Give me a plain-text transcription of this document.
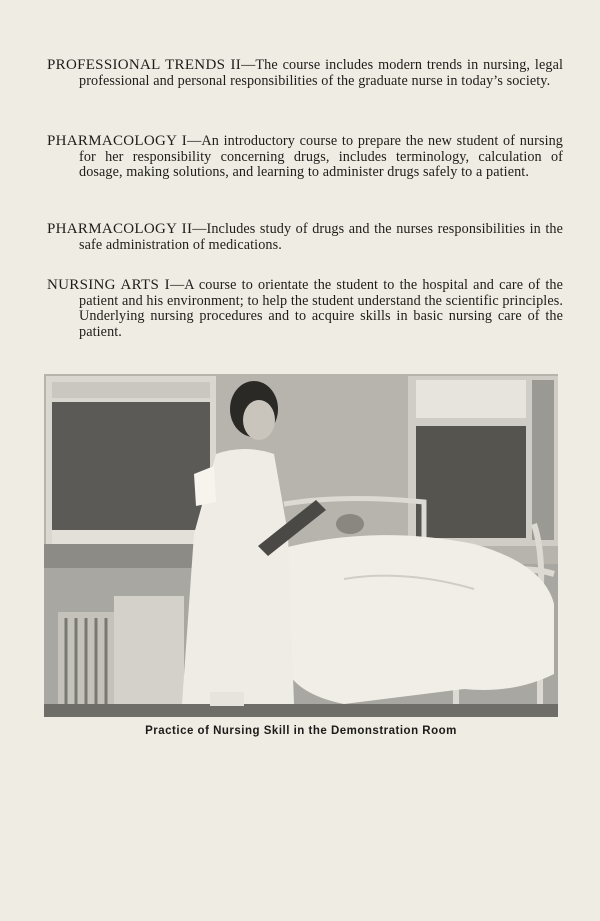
PROFESSIONAL TRENDS II—The course includes modern trends in nursing, legal professional and personal responsibilities of the graduate nurse in today’s society.

PHARMACOLOGY I—An introductory course to prepare the new student of nursing for her responsibility concerning drugs, includes terminology, calculation of dosage, making solutions, and learning to administer drugs safely to a patient.

PHARMACOLOGY II—Includes study of drugs and the nurses responsibilities in the safe administration of medications.

NURSING ARTS I—A course to orientate the student to the hospital and care of the patient and his environment; to help the student understand the scientific principles. Underlying nursing procedures and to acquire skills in basic nursing care of the patient.

Practice of Nursing Skill in the Demonstration Room
